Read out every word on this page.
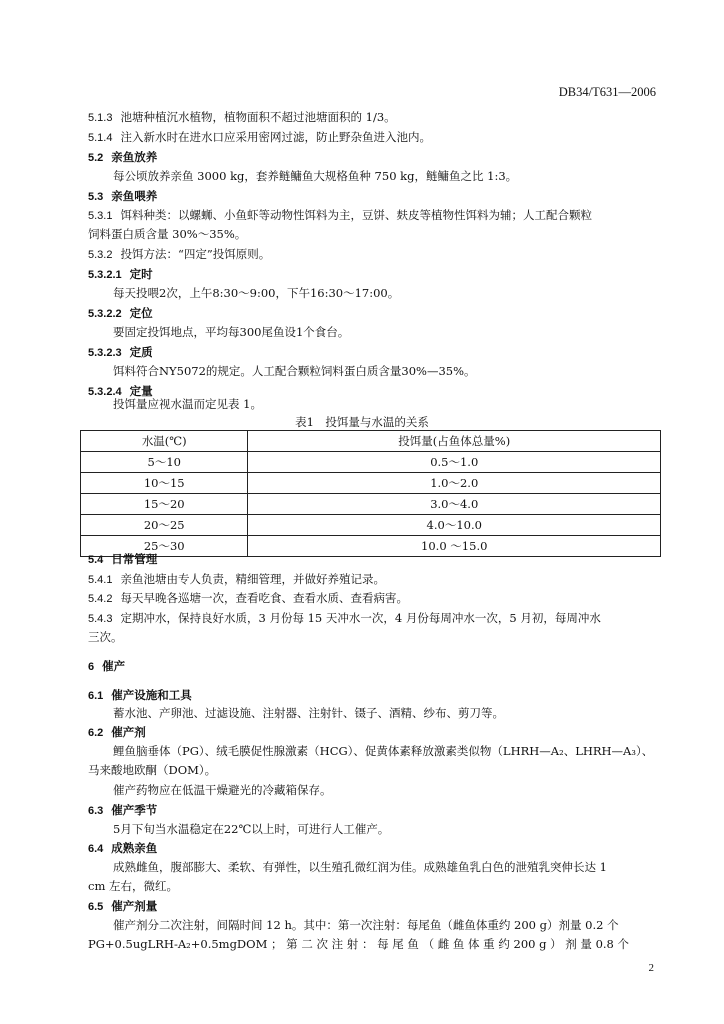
DB34/T631—2006
5.1.3 池塘种植沉水植物，植物面积不超过池塘面积的 1/3。
5.1.4 注入新水时在进水口应采用密网过滤，防止野杂鱼进入池内。
5.2 亲鱼放养
每公顷放养亲鱼 3000 kg，套养鲢鳙鱼大规格鱼种 750 kg，鲢鳙鱼之比 1:3。
5.3 亲鱼喂养
5.3.1 饵料种类：以螺蛳、小鱼虾等动物性饵料为主，豆饼、麸皮等植物性饵料为辅；人工配合颗粒
饲料蛋白质含量 30%～35%。
5.3.2 投饵方法：“四定”投饵原则。
5.3.2.1 定时
每天投喂2次，上午8:30～9:00，下午16:30～17:00。
5.3.2.2 定位
要固定投饵地点，平均每300尾鱼设1个食台。
5.3.2.3 定质
饵料符合NY5072的规定。人工配合颗粒饲料蛋白质含量30%—35%。
5.3.2.4 定量
投饵量应视水温而定见表 1。
表1　投饵量与水温的关系
水温(℃)	投饵量(占鱼体总量%)
5～10	0.5～1.0
10～15	1.0～2.0
15～20	3.0～4.0
20～25	4.0～10.0
25～30	10.0 ～15.0
5.4 日常管理
5.4.1 亲鱼池塘由专人负责，精细管理，并做好养殖记录。
5.4.2 每天早晚各巡塘一次，查看吃食、查看水质、查看病害。
5.4.3 定期冲水，保持良好水质，3 月份每 15 天冲水一次，4 月份每周冲水一次，5 月初，每周冲水
三次。
6 催产
6.1 催产设施和工具
蓄水池、产卵池、过滤设施、注射器、注射针、镊子、酒精、纱布、剪刀等。
6.2 催产剂
鲤鱼脑垂体（PG）、绒毛膜促性腺激素（HCG）、促黄体素释放激素类似物（LHRH—A₂、LHRH—A₃）、
马来酸地欧酮（DOM）。
催产药物应在低温干燥避光的冷藏箱保存。
6.3 催产季节
5月下旬当水温稳定在22℃以上时，可进行人工催产。
6.4 成熟亲鱼
成熟雌鱼，腹部膨大、柔软、有弹性，以生殖孔微红润为佳。成熟雄鱼乳白色的泄殖乳突伸长达 1
cm 左右，微红。
6.5 催产剂量
催产剂分二次注射，间隔时间 12 h。其中：第一次注射：每尾鱼（雌鱼体重约 200 g）剂量 0.2 个
PG+0.5ugLRH-A₂+0.5mgDOM ； 第 二 次 注 射 ： 每 尾 鱼 （ 雌 鱼 体 重 约 200 g ） 剂 量 0.8 个
2
